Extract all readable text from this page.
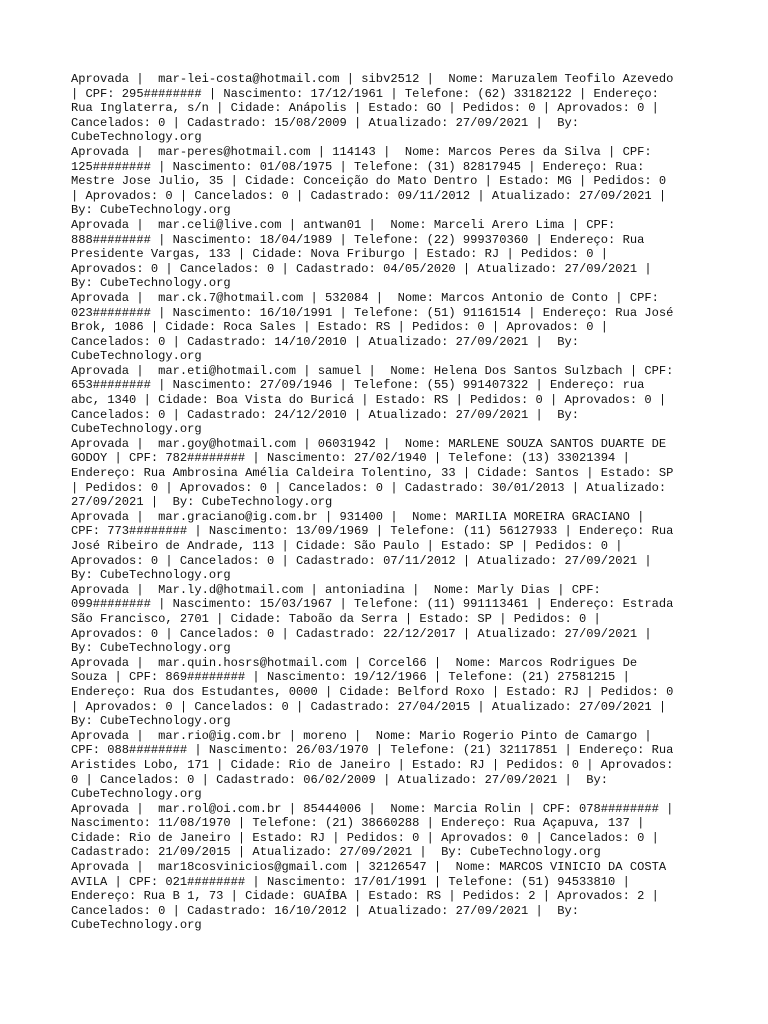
Aprovada |  mar-lei-costa@hotmail.com | sibv2512 |  Nome: Maruzalem Teofilo Azevedo
| CPF: 295######## | Nascimento: 17/12/1961 | Telefone: (62) 33182122 | Endereço:
Rua Inglaterra, s/n | Cidade: Anápolis | Estado: GO | Pedidos: 0 | Aprovados: 0 |
Cancelados: 0 | Cadastrado: 15/08/2009 | Atualizado: 27/09/2021 |  By:
CubeTechnology.org
Aprovada |  mar-peres@hotmail.com | 114143 |  Nome: Marcos Peres da Silva | CPF:
125######## | Nascimento: 01/08/1975 | Telefone: (31) 82817945 | Endereço: Rua:
Mestre Jose Julio, 35 | Cidade: Conceição do Mato Dentro | Estado: MG | Pedidos: 0
| Aprovados: 0 | Cancelados: 0 | Cadastrado: 09/11/2012 | Atualizado: 27/09/2021 |
By: CubeTechnology.org
Aprovada |  mar.celi@live.com | antwan01 |  Nome: Marceli Arero Lima | CPF:
888######## | Nascimento: 18/04/1989 | Telefone: (22) 999370360 | Endereço: Rua
Presidente Vargas, 133 | Cidade: Nova Friburgo | Estado: RJ | Pedidos: 0 |
Aprovados: 0 | Cancelados: 0 | Cadastrado: 04/05/2020 | Atualizado: 27/09/2021 |
By: CubeTechnology.org
Aprovada |  mar.ck.7@hotmail.com | 532084 |  Nome: Marcos Antonio de Conto | CPF:
023######## | Nascimento: 16/10/1991 | Telefone: (51) 91161514 | Endereço: Rua José
Brok, 1086 | Cidade: Roca Sales | Estado: RS | Pedidos: 0 | Aprovados: 0 |
Cancelados: 0 | Cadastrado: 14/10/2010 | Atualizado: 27/09/2021 |  By:
CubeTechnology.org
Aprovada |  mar.eti@hotmail.com | samuel |  Nome: Helena Dos Santos Sulzbach | CPF:
653######## | Nascimento: 27/09/1946 | Telefone: (55) 991407322 | Endereço: rua
abc, 1340 | Cidade: Boa Vista do Buricá | Estado: RS | Pedidos: 0 | Aprovados: 0 |
Cancelados: 0 | Cadastrado: 24/12/2010 | Atualizado: 27/09/2021 |  By:
CubeTechnology.org
Aprovada |  mar.goy@hotmail.com | 06031942 |  Nome: MARLENE SOUZA SANTOS DUARTE DE
GODOY | CPF: 782######## | Nascimento: 27/02/1940 | Telefone: (13) 33021394 |
Endereço: Rua Ambrosina Amélia Caldeira Tolentino, 33 | Cidade: Santos | Estado: SP
| Pedidos: 0 | Aprovados: 0 | Cancelados: 0 | Cadastrado: 30/01/2013 | Atualizado:
27/09/2021 |  By: CubeTechnology.org
Aprovada |  mar.graciano@ig.com.br | 931400 |  Nome: MARILIA MOREIRA GRACIANO |
CPF: 773######## | Nascimento: 13/09/1969 | Telefone: (11) 56127933 | Endereço: Rua
José Ribeiro de Andrade, 113 | Cidade: São Paulo | Estado: SP | Pedidos: 0 |
Aprovados: 0 | Cancelados: 0 | Cadastrado: 07/11/2012 | Atualizado: 27/09/2021 |
By: CubeTechnology.org
Aprovada |  Mar.ly.d@hotmail.com | antoniadina |  Nome: Marly Dias | CPF:
099######## | Nascimento: 15/03/1967 | Telefone: (11) 991113461 | Endereço: Estrada
São Francisco, 2701 | Cidade: Taboão da Serra | Estado: SP | Pedidos: 0 |
Aprovados: 0 | Cancelados: 0 | Cadastrado: 22/12/2017 | Atualizado: 27/09/2021 |
By: CubeTechnology.org
Aprovada |  mar.quin.hosrs@hotmail.com | Corcel66 |  Nome: Marcos Rodrigues De
Souza | CPF: 869######## | Nascimento: 19/12/1966 | Telefone: (21) 27581215 |
Endereço: Rua dos Estudantes, 0000 | Cidade: Belford Roxo | Estado: RJ | Pedidos: 0
| Aprovados: 0 | Cancelados: 0 | Cadastrado: 27/04/2015 | Atualizado: 27/09/2021 |
By: CubeTechnology.org
Aprovada |  mar.rio@ig.com.br | moreno |  Nome: Mario Rogerio Pinto de Camargo |
CPF: 088######## | Nascimento: 26/03/1970 | Telefone: (21) 32117851 | Endereço: Rua
Aristides Lobo, 171 | Cidade: Rio de Janeiro | Estado: RJ | Pedidos: 0 | Aprovados:
0 | Cancelados: 0 | Cadastrado: 06/02/2009 | Atualizado: 27/09/2021 |  By:
CubeTechnology.org
Aprovada |  mar.rol@oi.com.br | 85444006 |  Nome: Marcia Rolin | CPF: 078######## |
Nascimento: 11/08/1970 | Telefone: (21) 38660288 | Endereço: Rua Açapuva, 137 |
Cidade: Rio de Janeiro | Estado: RJ | Pedidos: 0 | Aprovados: 0 | Cancelados: 0 |
Cadastrado: 21/09/2015 | Atualizado: 27/09/2021 |  By: CubeTechnology.org
Aprovada |  mar18cosvinicios@gmail.com | 32126547 |  Nome: MARCOS VINICIO DA COSTA
AVILA | CPF: 021######## | Nascimento: 17/01/1991 | Telefone: (51) 94533810 |
Endereço: Rua B 1, 73 | Cidade: GUAÍBA | Estado: RS | Pedidos: 2 | Aprovados: 2 |
Cancelados: 0 | Cadastrado: 16/10/2012 | Atualizado: 27/09/2021 |  By:
CubeTechnology.org
